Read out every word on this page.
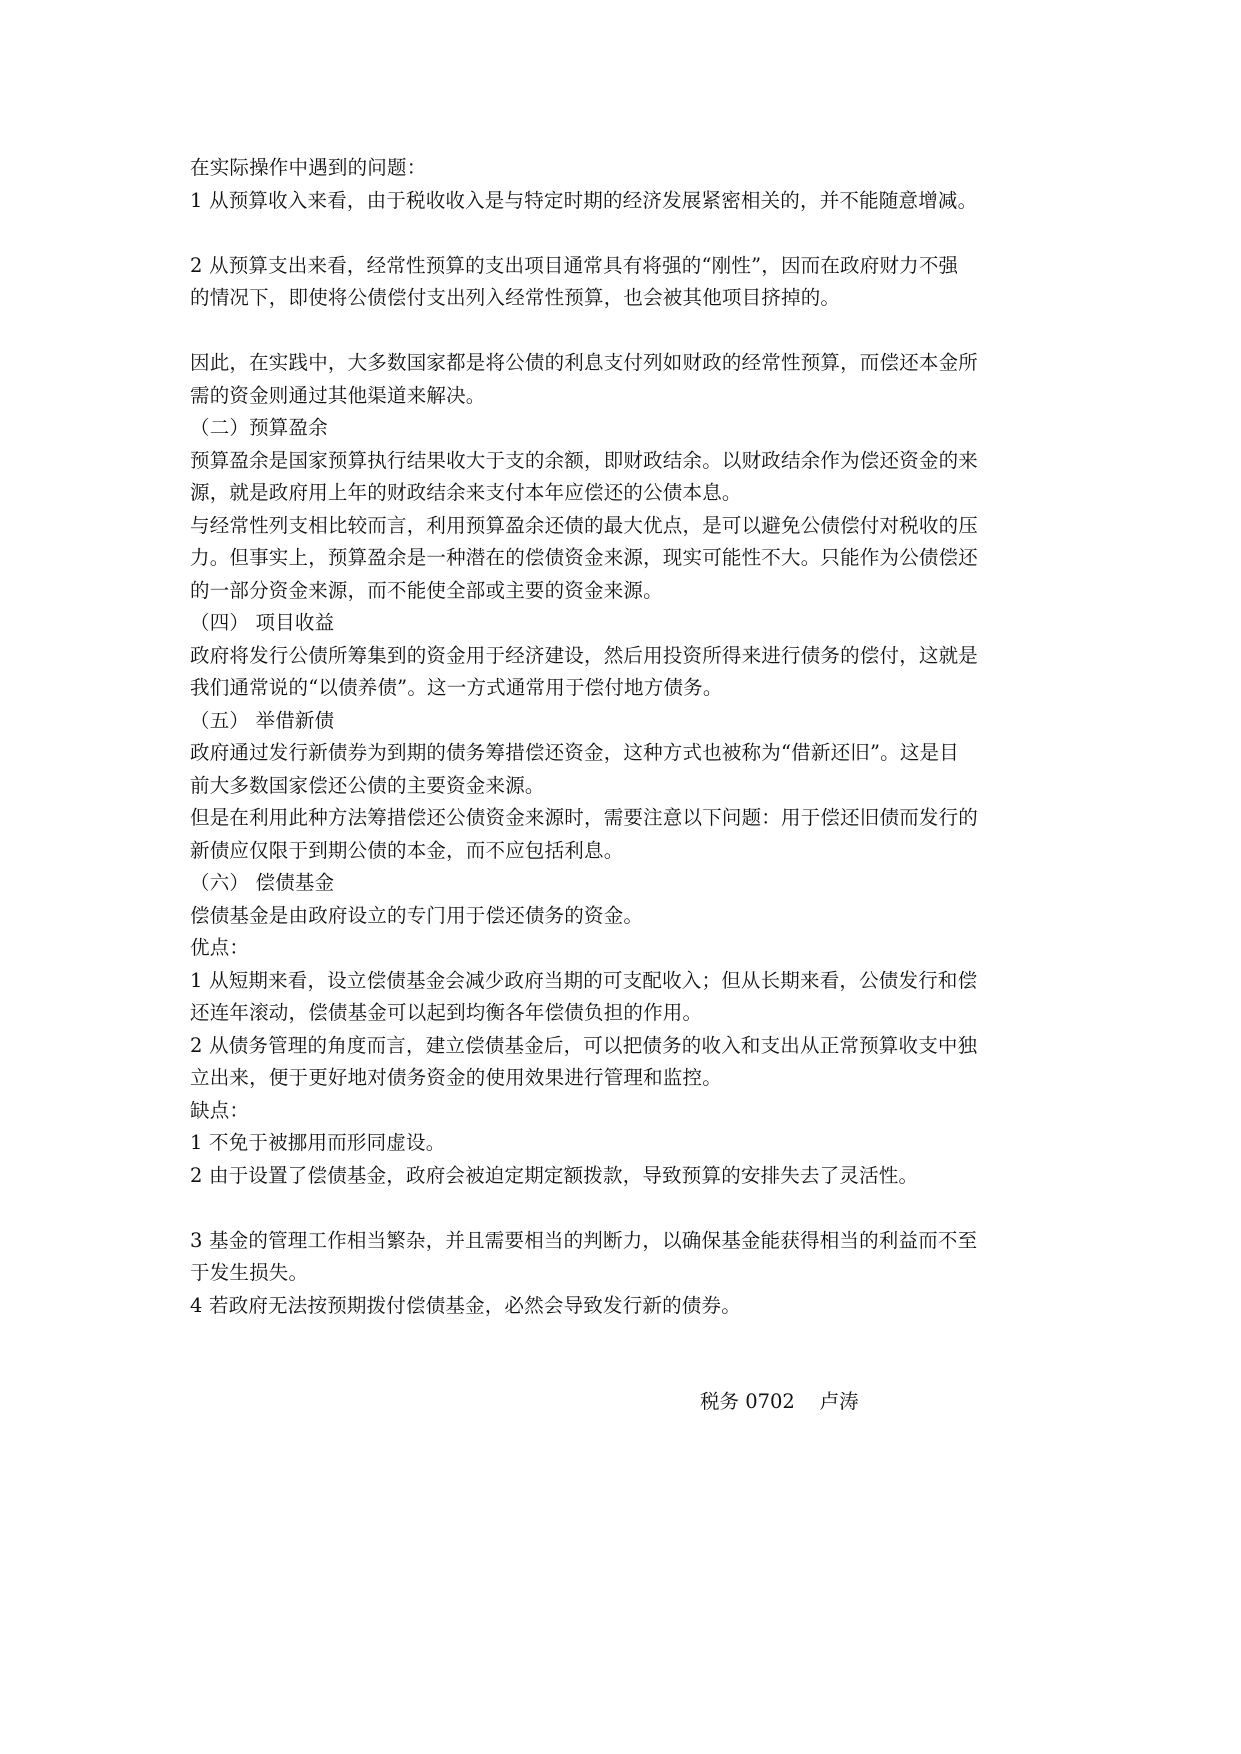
在实际操作中遇到的问题：
1 从预算收入来看，由于税收收入是与特定时期的经济发展紧密相关的，并不能随意增减。
2 从预算支出来看，经常性预算的支出项目通常具有将强的“刚性”，因而在政府财力不强
的情况下，即使将公债偿付支出列入经常性预算，也会被其他项目挤掉的。
因此，在实践中，大多数国家都是将公债的利息支付列如财政的经常性预算，而偿还本金所
需的资金则通过其他渠道来解决。
（二）预算盈余
预算盈余是国家预算执行结果收大于支的余额，即财政结余。以财政结余作为偿还资金的来
源，就是政府用上年的财政结余来支付本年应偿还的公债本息。
与经常性列支相比较而言，利用预算盈余还债的最大优点，是可以避免公债偿付对税收的压
力。但事实上，预算盈余是一种潜在的偿债资金来源，现实可能性不大。只能作为公债偿还
的一部分资金来源，而不能使全部或主要的资金来源。
（四） 项目收益
政府将发行公债所筹集到的资金用于经济建设，然后用投资所得来进行债务的偿付，这就是
我们通常说的“以债养债”。这一方式通常用于偿付地方债务。
（五） 举借新债
政府通过发行新债券为到期的债务筹措偿还资金，这种方式也被称为“借新还旧”。这是目
前大多数国家偿还公债的主要资金来源。
但是在利用此种方法筹措偿还公债资金来源时，需要注意以下问题：用于偿还旧债而发行的
新债应仅限于到期公债的本金，而不应包括利息。
（六） 偿债基金
偿债基金是由政府设立的专门用于偿还债务的资金。
优点：
1 从短期来看，设立偿债基金会减少政府当期的可支配收入；但从长期来看，公债发行和偿
还连年滚动，偿债基金可以起到均衡各年偿债负担的作用。
2 从债务管理的角度而言，建立偿债基金后，可以把债务的收入和支出从正常预算收支中独
立出来，便于更好地对债务资金的使用效果进行管理和监控。
缺点：
1 不免于被挪用而形同虚设。
2 由于设置了偿债基金，政府会被迫定期定额拨款，导致预算的安排失去了灵活性。
3 基金的管理工作相当繁杂，并且需要相当的判断力，以确保基金能获得相当的利益而不至
于发生损失。
4 若政府无法按预期拨付偿债基金，必然会导致发行新的债券。
税务 0702    卢涛
